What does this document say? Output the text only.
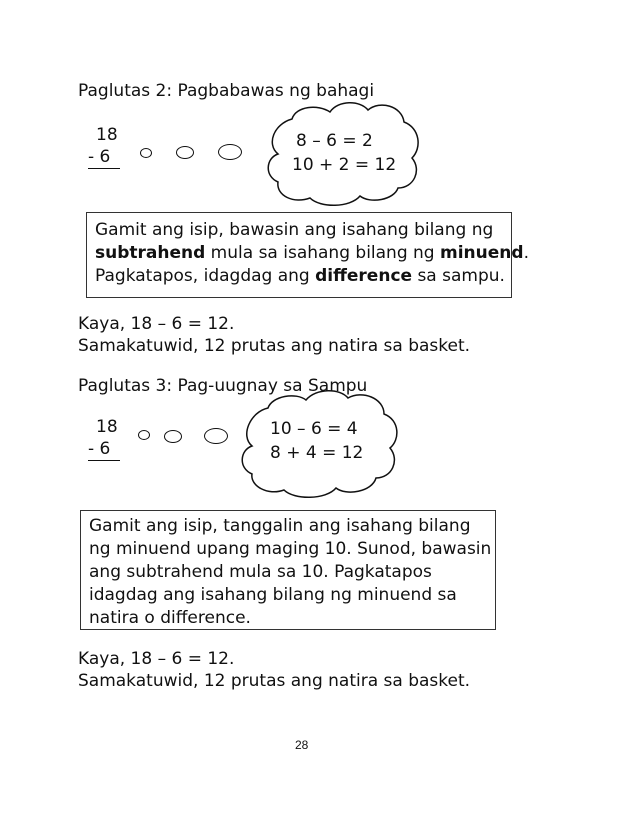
Paglutas 2: Pagbabawas ng bahagi
18
- 6
8 – 6 = 2
10 + 2 = 12

Gamit ang isip, bawasin ang isahang bilang ng

subtrahend mula sa isahang bilang ng minuend.

Pagkatapos, idagdag ang difference sa sampu.

Kaya, 18 – 6 = 12.
Samakatuwid, 12 prutas ang natira sa basket.
Paglutas 3: Pag-uugnay sa Sampu
18
- 6
10 – 6 = 4
8 + 4 = 12

Gamit ang isip, tanggalin ang isahang bilang

ng minuend upang maging 10. Sunod, bawasin

ang subtrahend mula sa 10. Pagkatapos

idagdag ang isahang bilang ng minuend sa

natira o difference.

Kaya, 18 – 6 = 12.
Samakatuwid, 12 prutas ang natira sa basket.
28
